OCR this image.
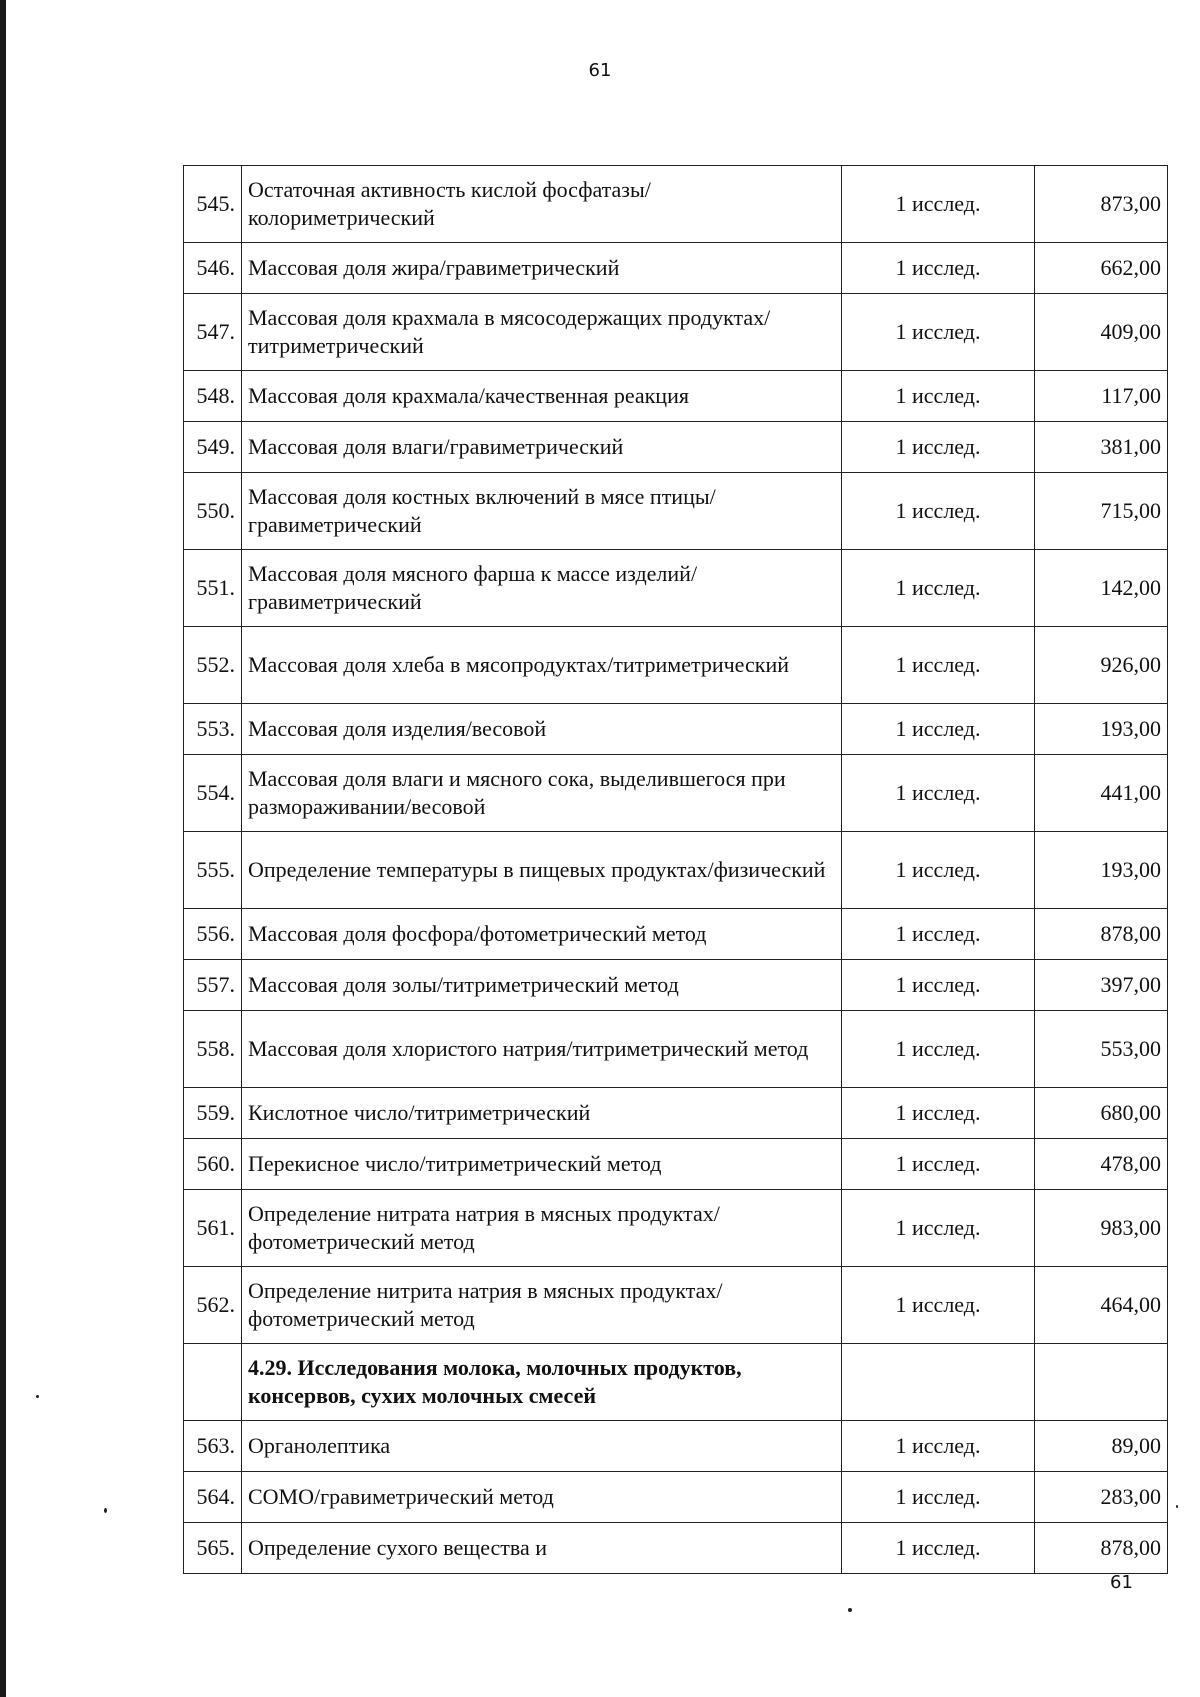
61
545.	Остаточная активность кислой фосфатазы/колориметрический	1 исслед.	873,00
546.	Массовая доля жира/гравиметрический	1 исслед.	662,00
547.	Массовая доля крахмала в мясосодержащих продуктах/титриметрический	1 исслед.	409,00
548.	Массовая доля крахмала/качественная реакция	1 исслед.	117,00
549.	Массовая доля влаги/гравиметрический	1 исслед.	381,00
550.	Массовая доля костных включений в мясе птицы/гравиметрический	1 исслед.	715,00
551.	Массовая доля мясного фарша к массе изделий/гравиметрический	1 исслед.	142,00
552.	Массовая доля хлеба в мясопродуктах/титриметрический	1 исслед.	926,00
553.	Массовая доля изделия/весовой	1 исслед.	193,00
554.	Массовая доля влаги и мясного сока, выделившегося при размораживании/весовой	1 исслед.	441,00
555.	Определение температуры в пищевых продуктах/физический	1 исслед.	193,00
556.	Массовая доля фосфора/фотометрический метод	1 исслед.	878,00
557.	Массовая доля золы/титриметрический метод	1 исслед.	397,00
558.	Массовая доля хлористого натрия/титриметрический метод	1 исслед.	553,00
559.	Кислотное число/титриметрический	1 исслед.	680,00
560.	Перекисное число/титриметрический метод	1 исслед.	478,00
561.	Определение нитрата натрия в мясных продуктах/фотометрический метод	1 исслед.	983,00
562.	Определение нитрита натрия в мясных продуктах/фотометрический метод	1 исслед.	464,00
	4.29. Исследования молока, молочных продуктов, консервов, сухих молочных смесей		
563.	Органолептика	1 исслед.	89,00
564.	СОМО/гравиметрический метод	1 исслед.	283,00
565.	Определение сухого вещества и	1 исслед.	878,00
61
